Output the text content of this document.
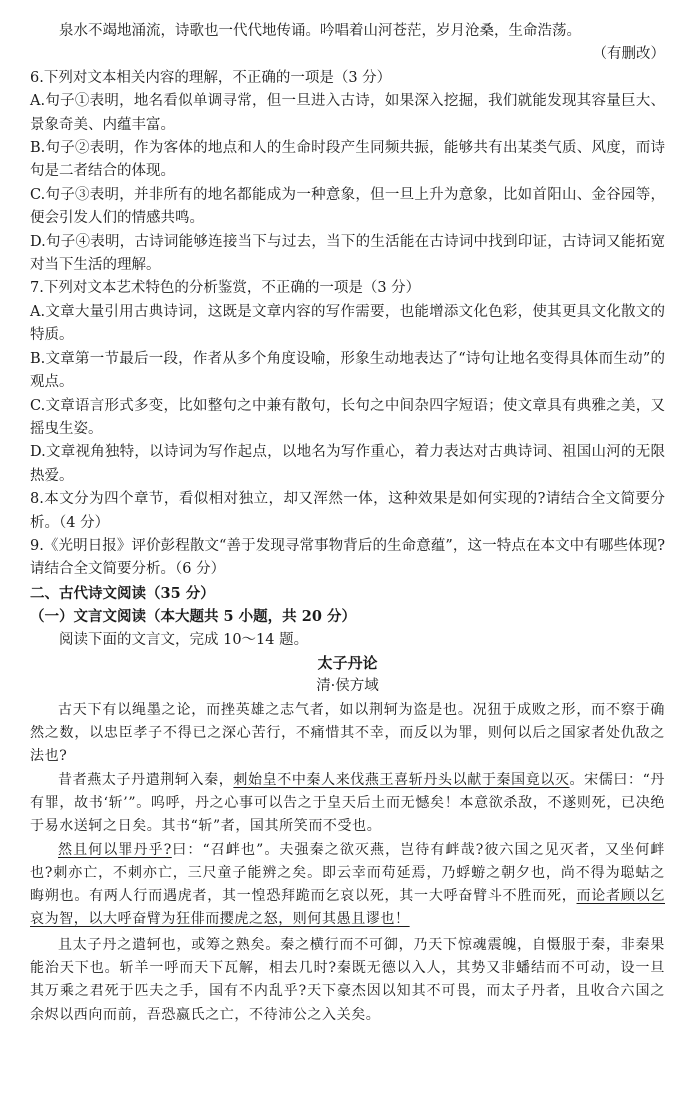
泉水不竭地涌流，诗歌也一代代地传诵。吟唱着山河苍茫，岁月沧桑，生命浩荡。

（有删改）

6.下列对文本相关内容的理解，不正确的一项是（3 分）

A.句子①表明，地名看似单调寻常，但一旦进入古诗，如果深入挖掘，我们就能发现其容量巨大、景象奇美、内蕴丰富。

B.句子②表明，作为客体的地点和人的生命时段产生同频共振，能够共有出某类气质、风度，而诗句是二者结合的体现。

C.句子③表明，并非所有的地名都能成为一种意象，但一旦上升为意象，比如首阳山、金谷园等，便会引发人们的情感共鸣。

D.句子④表明，古诗词能够连接当下与过去，当下的生活能在古诗词中找到印证，古诗词又能拓宽对当下生活的理解。

7.下列对文本艺术特色的分析鉴赏，不正确的一项是（3 分）

A.文章大量引用古典诗词，这既是文章内容的写作需要，也能增添文化色彩，使其更具文化散文的特质。

B.文章第一节最后一段，作者从多个角度设喻，形象生动地表达了“诗句让地名变得具体而生动”的观点。

C.文章语言形式多变，比如整句之中兼有散句，长句之中间杂四字短语；使文章具有典雅之美，又摇曳生姿。

D.文章视角独特，以诗词为写作起点，以地名为写作重心，着力表达对古典诗词、祖国山河的无限热爱。

8.本文分为四个章节，看似相对独立，却又浑然一体，这种效果是如何实现的?请结合全文简要分析。（4 分）

9.《光明日报》评价彭程散文“善于发现寻常事物背后的生命意蕴”，这一特点在本文中有哪些体现?请结合全文简要分析。（6 分）

二、古代诗文阅读（35 分）

（一）文言文阅读（本大题共 5 小题，共 20 分）

阅读下面的文言文，完成 10～14 题。

太子丹论

清·侯方域

古天下有以绳墨之论，而挫英雄之志气者，如以荆轲为盗是也。况狃于成败之形，而不察于确然之数，以忠臣孝子不得已之深心苦行，不痛惜其不幸，而反以为罪，则何以后之国家者处仇敌之法也?

昔者燕太子丹遣荆轲入秦，刺始皇不中秦人来伐燕王喜斩丹头以献于秦国竟以灭。宋儒曰：“丹有罪，故书‘斩’”。呜呼，丹之心事可以告之于皇天后土而无憾矣！本意欲杀敌，不遂则死，已决绝于易水送轲之日矣。其书“斩”者，国其所笑而不受也。

然且何以罪丹乎?曰：“召衅也”。夫强秦之欲灭燕，岂待有衅哉?彼六国之见灭者，又坐何衅也?刺亦亡，不刺亦亡，三尺童子能辨之矣。即云幸而苟延焉，乃蜉蝣之朝夕也，尚不得为聪蛄之晦朔也。有两人行而遇虎者，其一惶恐拜跪而乞哀以死，其一大呼奋臂斗不胜而死，而论者顾以乞哀为智，以大呼奋臂为狂俳而撄虎之怒，则何其愚且谬也！

且太子丹之遣轲也，或筹之熟矣。秦之横行而不可御，乃天下惊魂震魄，自慑服于秦，非秦果能治天下也。斩羊一呼而天下瓦解，相去几时?秦既无德以入人，其势又非蟠结而不可动，设一旦其万乘之君死于匹夫之手，国有不内乱乎?天下豪杰因以知其不可畏，而太子丹者，且收合六国之余烬以西向而前，吾恐嬴氏之亡，不待沛公之入关矣。
